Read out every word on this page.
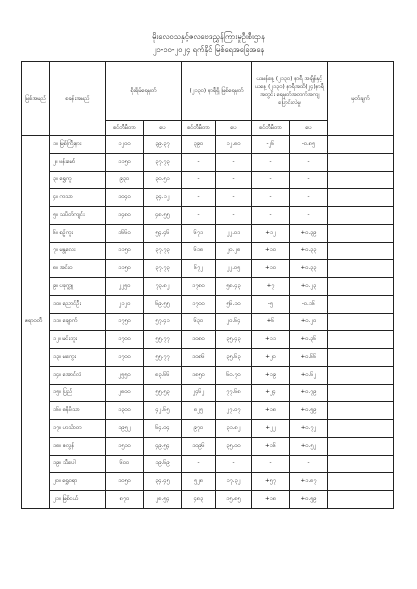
မိုးလေဝသနှင့်ဇလဗေဒညွှန်ကြားမှုဦးစီးဌာန
၂၁-၁၀-၂၀၂၄ ရက်နိုင် မြစ်ရေအခြေအနေ
မြစ်အမည်	စခန်းအမည်	စိုးရိမ်ရေမှတ်		(၂၁၃၀) နာရီရှိ မြစ်ရေမှတ်		ယမန်နေ့ (၂၁၃၀) နာရီ အချိန်နှင့် ယနေ့ (၂၁၃၀) နာရီအထိ(၂၄)နာရီအတွင်း ရေမှတ်အတက်အကျ ပြောင်းလဲမှု		မှတ်ချက်
		စင်တီမီတာ	ပေ	စင်တီမီတာ	ပေ	စင်တီမီတာ	ပေ	
ဧရာဝတီ	၁။ မြစ်ကြီးနား	၁၂၀၀	၃၉.၃၇	၃၉၀	၁၂.၈၀	-၂၆	-၀.၈၅	
	၂။ ဗန်းမော်	၁၁၅၀	၃၇.၇၃	-	-	-	-	
	၃။ ရွှေကူ	၉၃၀	၃၀.၅၁	-	-	-	-	
	၄။ ကသာ	၁၀၄၀	၃၄.၁၂	-	-	-	-	
	၅။ သပိတ်ကျင်း	၁၄၈၀	၄၈.၅၅	-	-	-	-	
	၆။ စဉ့်ကူး	၁၆၆၀	၅၄.၄၆	၆၇၁	၂၂.၀၁	+၁၂	+၀.၃၉	
	၇။ မန္တလေး	၁၁၅၀	၃၇.၇၃	၆၁၈	၂၀.၂၈	+၁၀	+၀.၃၃	
	၈။ အင်းဝ	၁၁၅၀	၃၇.၇၃	၆၇၂	၂၂.၀၅	+၁၀	+၀.၃၃	
	၉။ ပခုက္ကူ	၂၂၅၀	၇၃.၈၂	၁၇၈၀	၅၈.၄၃	+၇	+၀.၂၃	
	၁၀။ ညောင်ဦး	၂၁၂၀	၆၉.၅၅	၁၇၀၀	၅၆.၁၀	-၅	-၀.၁၆	
	၁၁။ ချောက်	၁၇၅၀	၅၇.၄၁	၆၃၀	၂၀.၆၄	+၆	+၀.၂၀	
	၁၂။ မင်းဘူး	၁၇၀၀	၅၅.၇၇	၁၀၈၀	၃၅.၄၃	+၁၁	+၀.၃၆	
	၁၃။ မကွေး	၁၇၀၀	၅၅.၇၇	၁၀၈၆	၃၅.၆၃	+၂၀	+၀.၆၆	
	၁၄။ အောင်လံ	၂၅၅၀	၈၃.၆၆	၁၈၅၀	၆၀.၇၀	+၁၉	+၀.၆၂	
	၁၅။ ပြည်	၂၈၀၀	၅၅.၅၃	၂၄၆၂	၇၇.၆၈	+၂၄	+၀.၇၉	
	၁၆။ ဓနိဗိသာ	၁၃၀၀	၄၂.၆၅	၈၂၅	၂၇.၀၇	+၁၈	+၀.၅၉	
	၁၇။ ဟင်္သာတ	၁၉၅၂	၆၄.၀၄	၉၇၀	၃၁.၈၂	+၂၂	+၀.၇၂	
	၁၈။ ဇလွန်	၁၅၁၀	၄၉.၅၄	၁၀၉၆	၃၅.၀၀	+၁၆	+၀.၅၂	
	၁၉။ သီပေါ	၆၀၀	၁၉.၆၉	-	-	-	-	
	၂၀။ ရွှေဝရာ	၁၀၅၀	၃၄.၄၅	၅၂၈	၁၇.၃၂	+၅၇	+၁.၈၇	
	၂၁။ မြစ်ငယ်	၈၇၀	၂၈.၅၄	၄၈၃	၁၅.၈၅	+၁၈	+၀.၅၉	
